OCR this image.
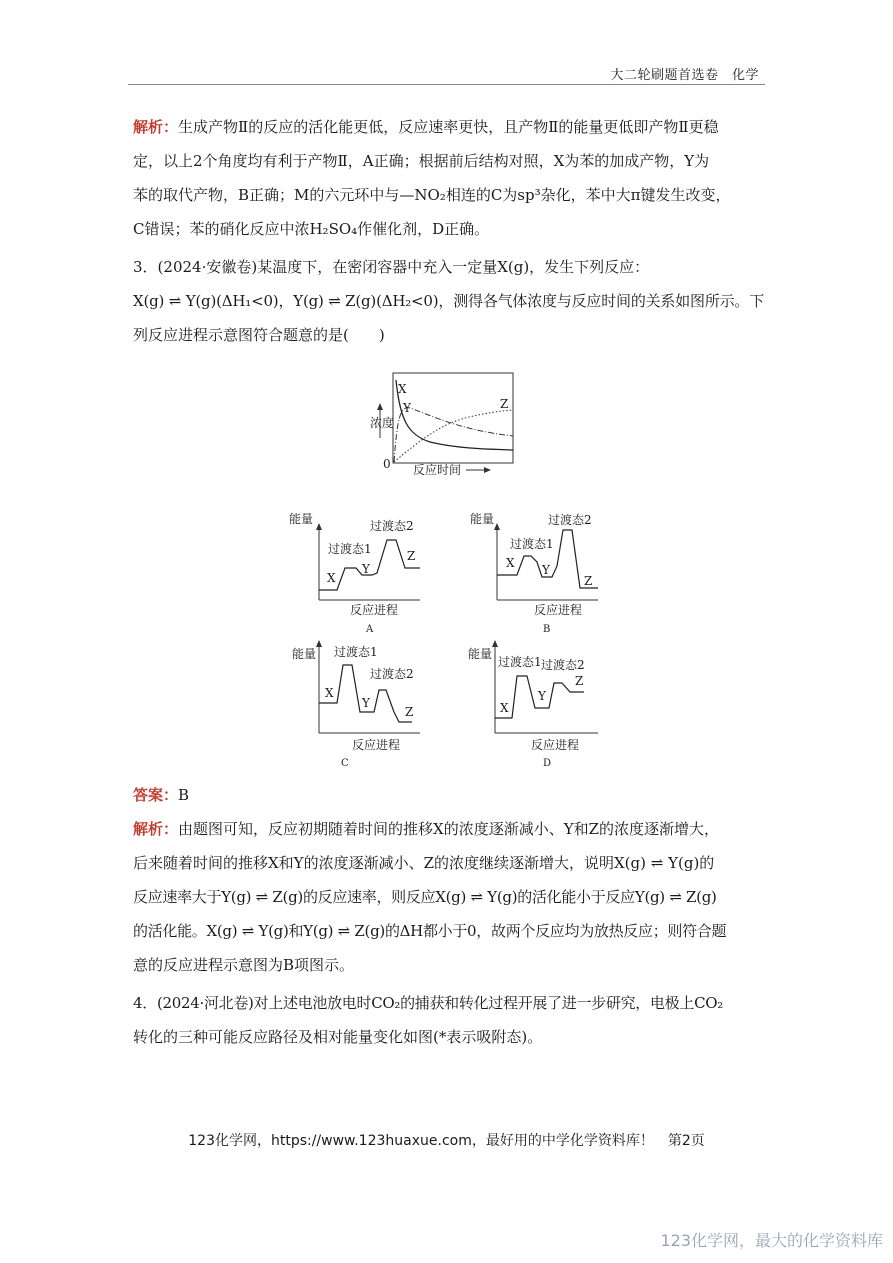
大二轮刷题首选卷　化学
解析：生成产物Ⅱ的反应的活化能更低，反应速率更快，且产物Ⅱ的能量更低即产物Ⅱ更稳
定，以上2个角度均有利于产物Ⅱ，A正确；根据前后结构对照，X为苯的加成产物，Y为
苯的取代产物，B正确；M的六元环中与—NO₂相连的C为sp³杂化，苯中大π键发生改变，
C错误；苯的硝化反应中浓H₂SO₄作催化剂，D正确。
3．(2024·安徽卷)某温度下，在密闭容器中充入一定量X(g)，发生下列反应：
X(g) ⇌ Y(g)(ΔH₁<0)，Y(g) ⇌ Z(g)(ΔH₂<0)，测得各气体浓度与反应时间的关系如图所示。下
列反应进程示意图符合题意的是(　　)
浓度
0 反应时间
X
Y	Z
能量
反应进程
A
X
过渡态1
Y
过渡态2
Z
能量
反应进程
B
X
过渡态1
Y
过渡态2
Z
能量
反应进程
C
X
过渡态1
Y
过渡态2
Z
能量
反应进程
D
X
过渡态1
Y
过渡态2
Z
答案：B
解析：由题图可知，反应初期随着时间的推移X的浓度逐渐减小、Y和Z的浓度逐渐增大，
后来随着时间的推移X和Y的浓度逐渐减小、Z的浓度继续逐渐增大，说明X(g) ⇌ Y(g)的
反应速率大于Y(g) ⇌ Z(g)的反应速率，则反应X(g) ⇌ Y(g)的活化能小于反应Y(g) ⇌ Z(g)
的活化能。X(g) ⇌ Y(g)和Y(g) ⇌ Z(g)的ΔH都小于0，故两个反应均为放热反应；则符合题
意的反应进程示意图为B项图示。
4．(2024·河北卷)对上述电池放电时CO₂的捕获和转化过程开展了进一步研究，电极上CO₂
转化的三种可能反应路径及相对能量变化如图(*表示吸附态)。
123化学网，https://www.123huaxue.com，最好用的中学化学资料库！　第2页
123化学网，最大的化学资料库
